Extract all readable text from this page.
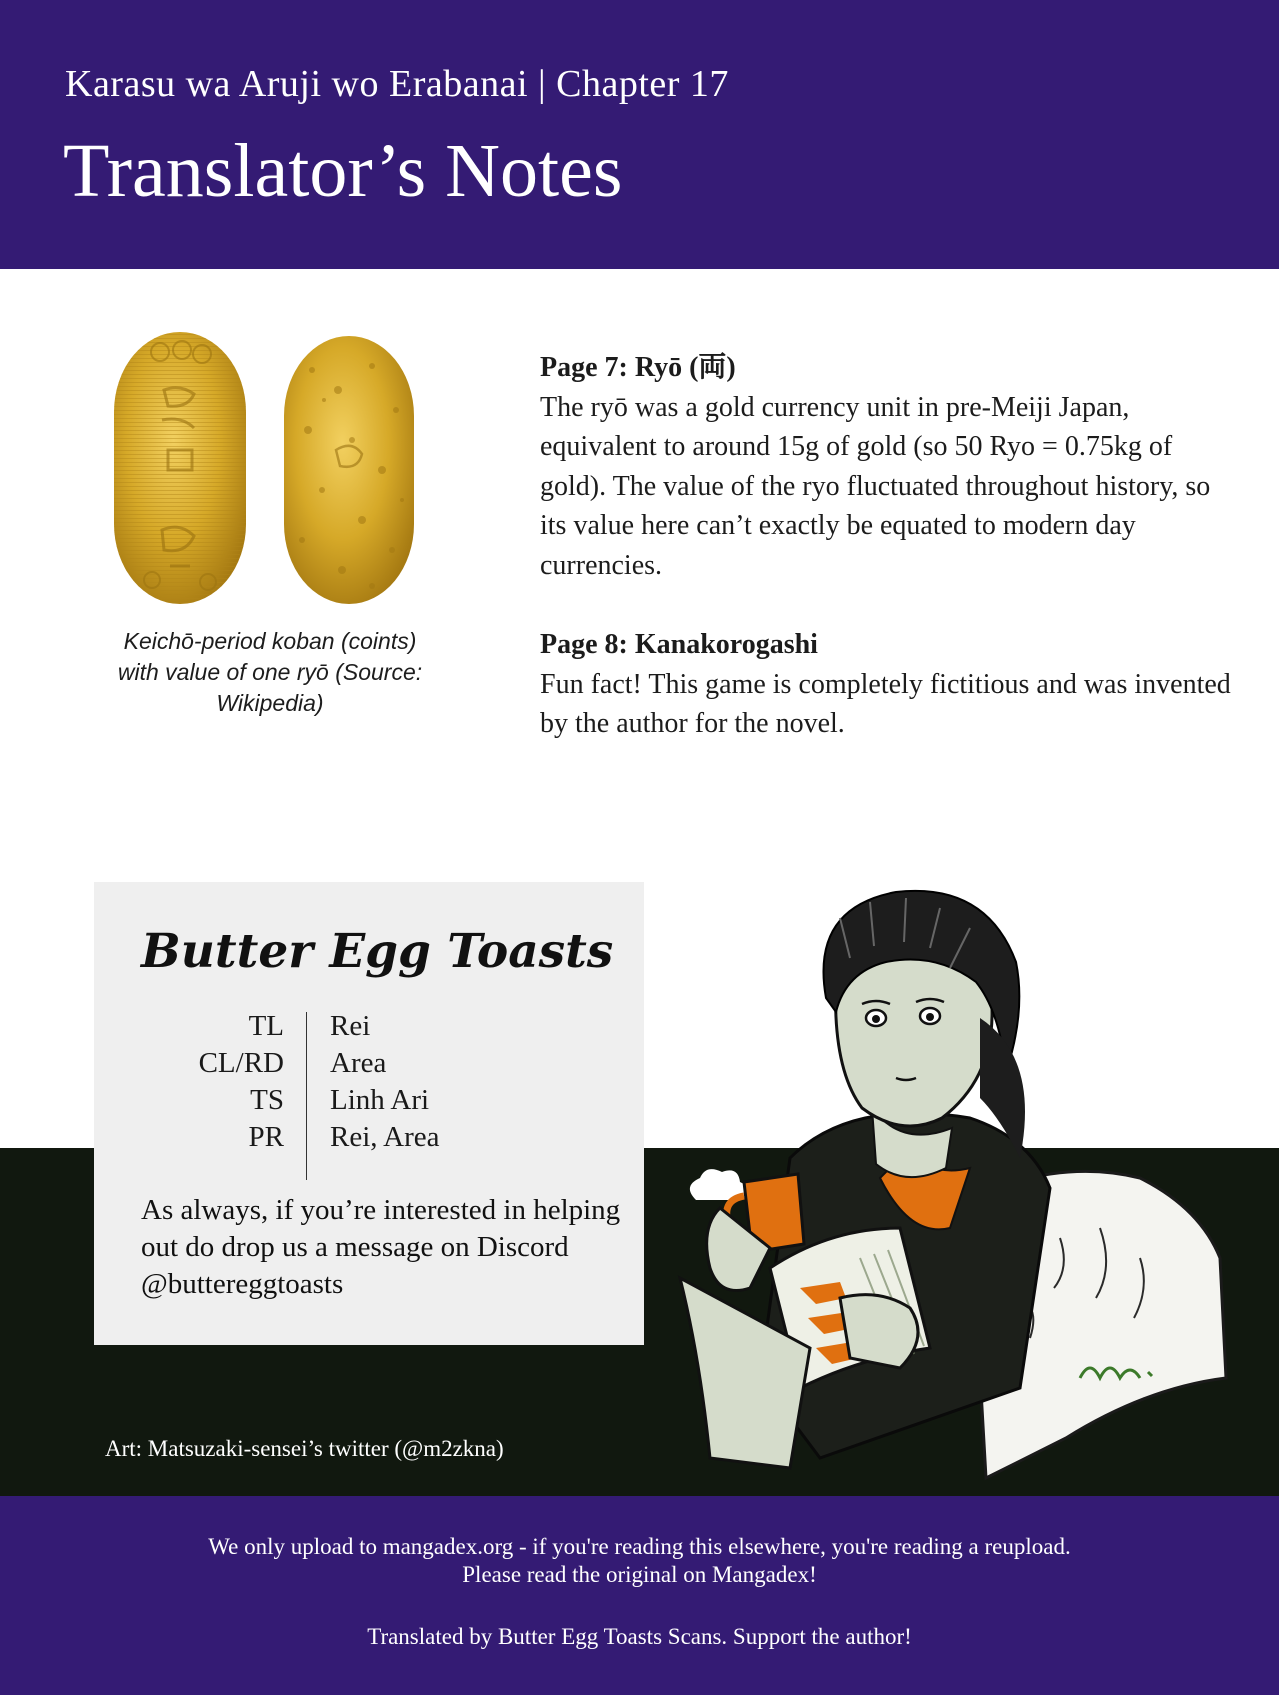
Karasu wa Aruji wo Erabanai | Chapter 17
Translator’s Notes
Keichō-period koban (coints) with value of one ryō (Source: Wikipedia)
Page 7: Ryō (両)
The ryō was a gold currency unit in pre-Meiji Japan, equivalent to around 15g of gold (so 50 Ryo = 0.75kg of gold). The value of the ryo fluctuated throughout history, so its value here can’t exactly be equated to modern day currencies.
Page 8: Kanakorogashi
Fun fact! This game is completely fictitious and was invented by the author for the novel.
Butter Egg Toasts
TL Rei
CL/RD Area
TS Linh Ari
PR Rei, Area
As always, if you’re interested in helping out do drop us a message on Discord @buttereggtoasts
Art: Matsuzaki-sensei’s twitter (@m2zkna)
We only upload to mangadex.org - if you're reading this elsewhere, you're reading a reupload.
Please read the original on Mangadex!
Translated by Butter Egg Toasts Scans. Support the author!
